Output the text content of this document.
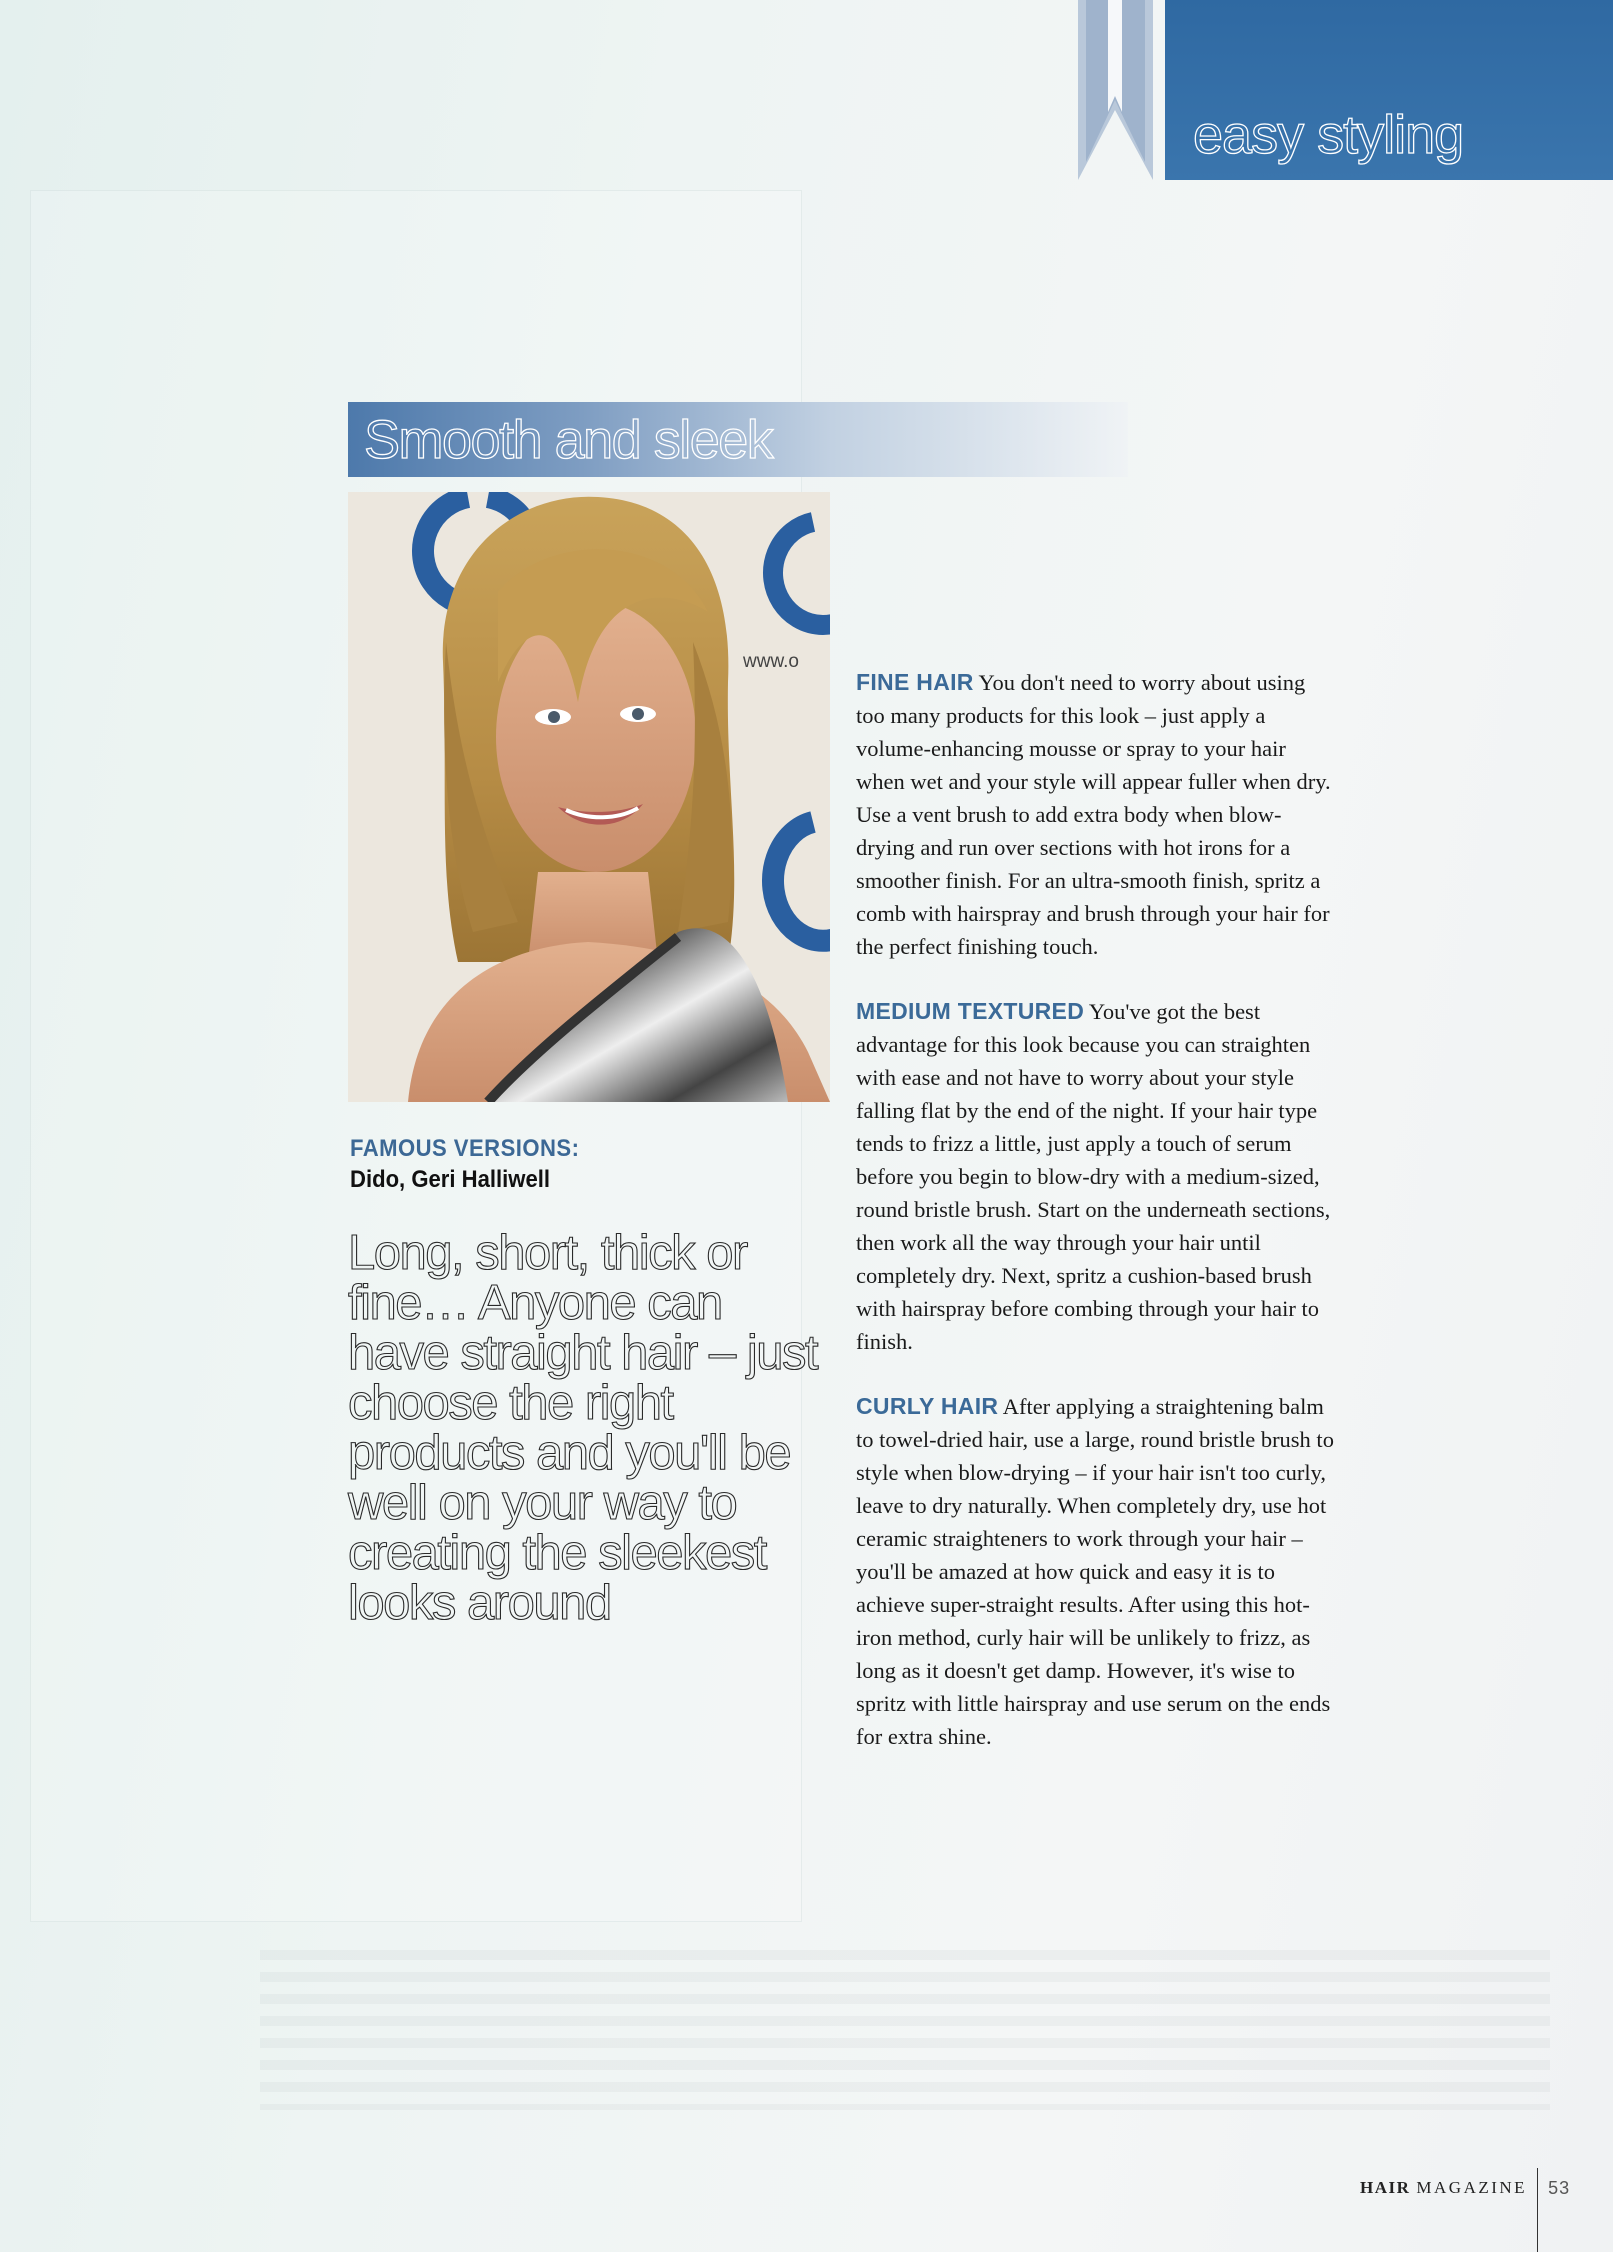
easy styling
Smooth and sleek
www.o
FAMOUS VERSIONS:
Dido, Geri Halliwell
Long, short, thick or fine… Anyone can have straight hair – just choose the right products and you'll be well on your way to creating the sleekest looks around

FINE HAIR You don't need to worry about using too many products for this look – just apply a volume-enhancing mousse or spray to your hair when wet and your style will appear fuller when dry. Use a vent brush to add extra body when blow-drying and run over sections with hot irons for a smoother finish. For an ultra-smooth finish, spritz a comb with hairspray and brush through your hair for the perfect finishing touch.

MEDIUM TEXTURED You've got the best advantage for this look because you can straighten with ease and not have to worry about your style falling flat by the end of the night. If your hair type tends to frizz a little, just apply a touch of serum before you begin to blow-dry with a medium-sized, round bristle brush. Start on the underneath sections, then work all the way through your hair until completely dry. Next, spritz a cushion-based brush with hairspray before combing through your hair to finish.

CURLY HAIR After applying a straightening balm to towel-dried hair, use a large, round bristle brush to style when blow-drying – if your hair isn't too curly, leave to dry naturally. When completely dry, use hot ceramic straighteners to work through your hair – you'll be amazed at how quick and easy it is to achieve super-straight results. After using this hot-iron method, curly hair will be unlikely to frizz, as long as it doesn't get damp. However, it's wise to spritz with little hairspray and use serum on the ends for extra shine.

HAIR MAGAZINE 53
